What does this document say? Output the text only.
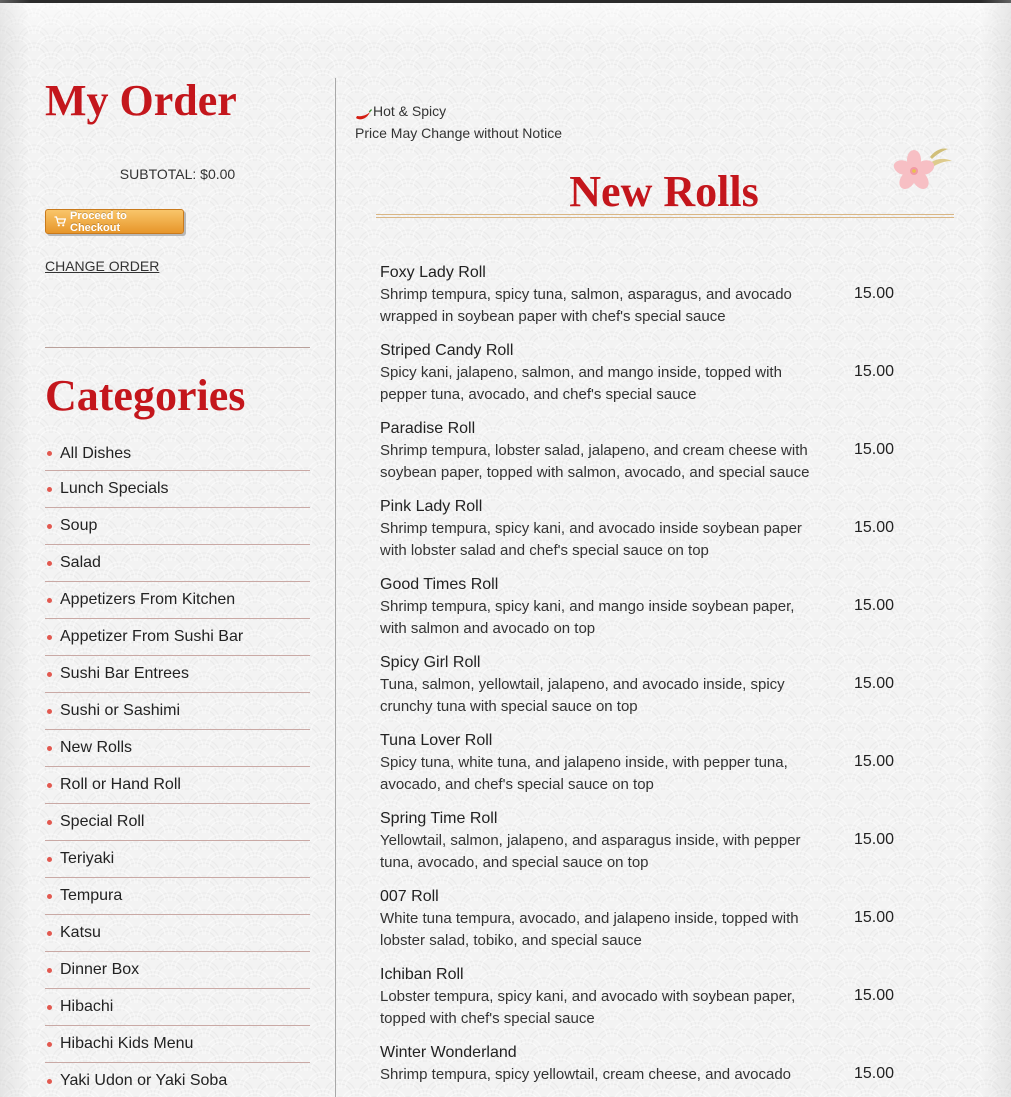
My Order
SUBTOTAL: $0.00
Proceed to Checkout
CHANGE ORDER
Categories
All Dishes
Lunch Specials
Soup
Salad
Appetizers From Kitchen
Appetizer From Sushi Bar
Sushi Bar Entrees
Sushi or Sashimi
New Rolls
Roll or Hand Roll
Special Roll
Teriyaki
Tempura
Katsu
Dinner Box
Hibachi
Hibachi Kids Menu
Yaki Udon or Yaki Soba
Hot & Spicy
Price May Change without Notice
New Rolls
Foxy Lady Roll
Shrimp tempura, spicy tuna, salmon, asparagus, and avocado wrapped in soybean paper with chef's special sauce
15.00
Striped Candy Roll
Spicy kani, jalapeno, salmon, and mango inside, topped with pepper tuna, avocado, and chef's special sauce
15.00
Paradise Roll
Shrimp tempura, lobster salad, jalapeno, and cream cheese with soybean paper, topped with salmon, avocado, and special sauce
15.00
Pink Lady Roll
Shrimp tempura, spicy kani, and avocado inside soybean paper with lobster salad and chef's special sauce on top
15.00
Good Times Roll
Shrimp tempura, spicy kani, and mango inside soybean paper, with salmon and avocado on top
15.00
Spicy Girl Roll
Tuna, salmon, yellowtail, jalapeno, and avocado inside, spicy crunchy tuna with special sauce on top
15.00
Tuna Lover Roll
Spicy tuna, white tuna, and jalapeno inside, with pepper tuna, avocado, and chef's special sauce on top
15.00
Spring Time Roll
Yellowtail, salmon, jalapeno, and asparagus inside, with pepper tuna, avocado, and special sauce on top
15.00
007 Roll
White tuna tempura, avocado, and jalapeno inside, topped with lobster salad, tobiko, and special sauce
15.00
Ichiban Roll
Lobster tempura, spicy kani, and avocado with soybean paper, topped with chef's special sauce
15.00
Winter Wonderland
Shrimp tempura, spicy yellowtail, cream cheese, and avocado	15.00
